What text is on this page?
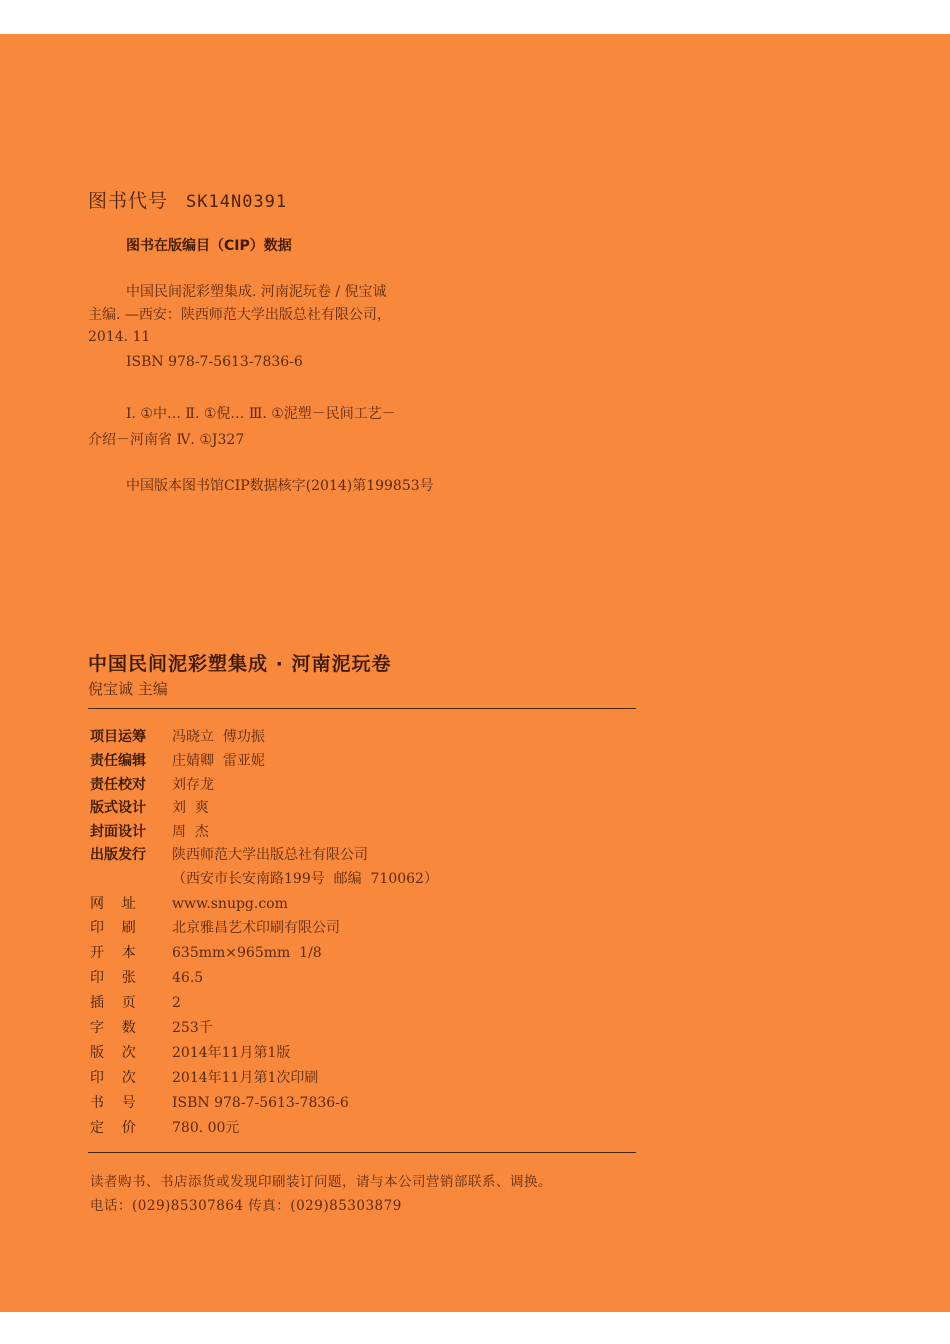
图书代号 SK14N0391
图书在版编目（CIP）数据
中国民间泥彩塑集成. 河南泥玩卷 / 倪宝诚
主编. —西安：陕西师范大学出版总社有限公司，
2014. 11
ISBN 978-7-5613-7836-6
Ⅰ. ①中… Ⅱ. ①倪… Ⅲ. ①泥塑－民间工艺－
介绍－河南省 Ⅳ. ①J327
中国版本图书馆CIP数据核字(2014)第199853号
中国民间泥彩塑集成 · 河南泥玩卷
倪宝诚 主编
项目运筹 冯晓立  傅功振
责任编辑 庄婧卿  雷亚妮
责任校对 刘存龙
版式设计 刘  爽
封面设计 周  杰
出版发行 陕西师范大学出版总社有限公司
（西安市长安南路199号  邮编  710062）
网    址	www.snupg.com
印    刷	北京雅昌艺术印刷有限公司
开    本	635mm×965mm  1/8
印    张	46.5
插    页	2
字    数	253千
版    次	2014年11月第1版
印    次	2014年11月第1次印刷
书    号	ISBN 978-7-5613-7836-6
定    价	780. 00元
读者购书、书店添货或发现印刷装订问题，请与本公司营销部联系、调换。
电话：(029)85307864 传真：(029)85303879
